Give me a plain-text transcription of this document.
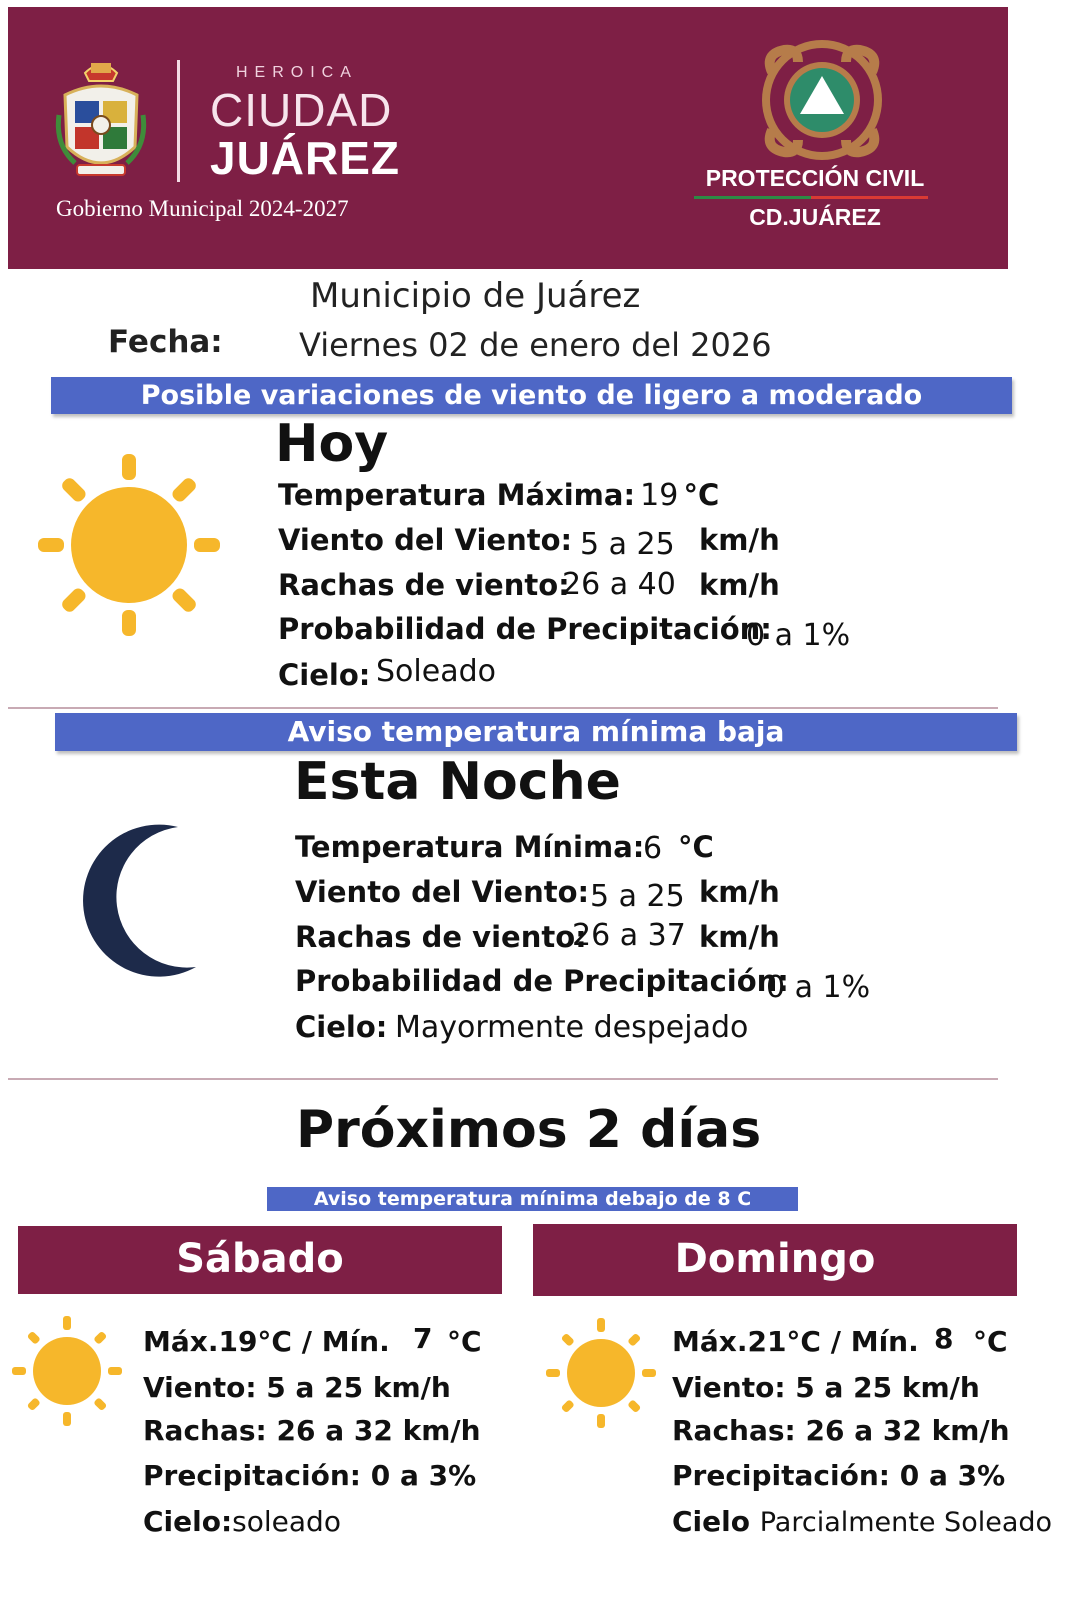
HEROICA
CIUDAD
JUÁREZ
Gobierno Municipal 2024-2027
PROTECCIÓN CIVIL
CD.JUÁREZ
Municipio de Juárez
Fecha: Viernes 02 de enero del 2026
Posible variaciones de viento de ligero a moderado
Hoy
Temperatura Máxima: 19 °C
Viento del Viento: 5 a 25 km/h
Rachas de viento:
26 a 40 km/h
Probabilidad de Precipitación:
0 a 1%
Cielo: Soleado
Aviso temperatura mínima baja
Esta Noche
Temperatura Mínima:
6 °C
Viento del Viento: 5 a 25 km/h
Rachas de viento:
26 a 37 km/h
Probabilidad de Precipitación:
0 a 1%
Cielo: Mayormente despejado
Próximos 2 días
Aviso temperatura mínima debajo de 8 C
Sábado
Máx.19°C / Mín. 7 °C
Viento: 5 a 25 km/h
Rachas: 26 a 32 km/h
Precipitación: 0 a 3%
Cielo:soleado
Domingo
Máx.21°C / Mín. 8 °C
Viento: 5 a 25 km/h
Rachas: 26 a 32 km/h
Precipitación: 0 a 3%
Cielo Parcialmente Soleado
